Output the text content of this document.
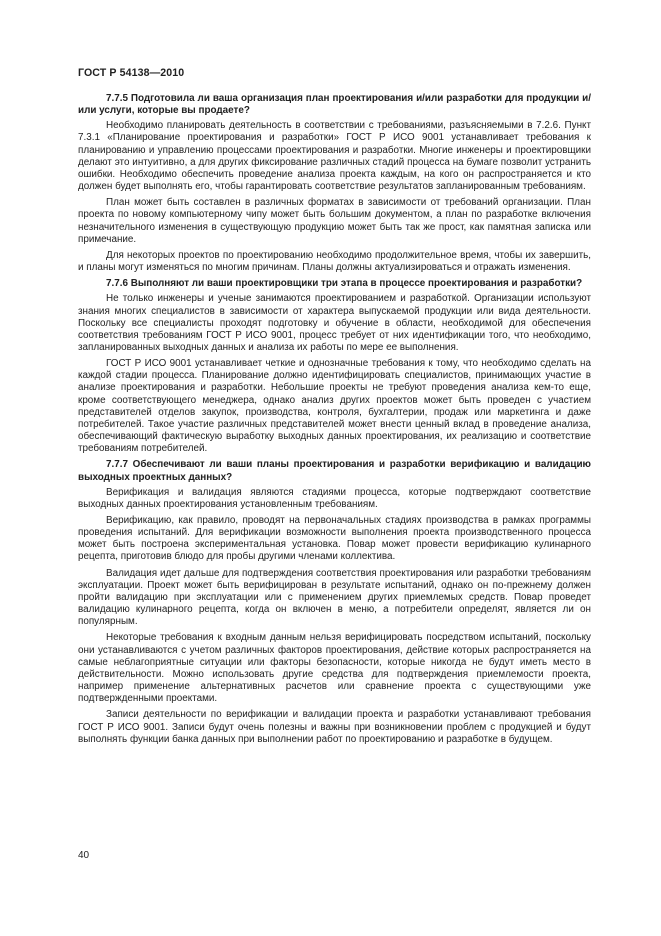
ГОСТ Р 54138—2010

7.7.5 Подготовила ли ваша организация план проектирования и/или разработки для продукции и/или услуги, которые вы продаете?

Необходимо планировать деятельность в соответствии с требованиями, разъясняемыми в 7.2.6. Пункт 7.3.1 «Планирование проектирования и разработки» ГОСТ Р ИСО 9001 устанавливает требования к планированию и управлению процессами проектирования и разработки. Многие инженеры и проектировщики делают это интуитивно, а для других фиксирование различных стадий процесса на бумаге позволит устранить ошибки. Необходимо обеспечить проведение анализа проекта каждым, на кого он распространяется и кто должен будет выполнять его, чтобы гарантировать соответствие результатов запланированным требованиям.

План может быть составлен в различных форматах в зависимости от требований организации. План проекта по новому компьютерному чипу может быть большим документом, а план по разработке включения незначительного изменения в существующую продукцию может быть так же прост, как памятная записка или примечание.

Для некоторых проектов по проектированию необходимо продолжительное время, чтобы их завершить, и планы могут изменяться по многим причинам. Планы должны актуализироваться и отражать изменения.

7.7.6 Выполняют ли ваши проектировщики три этапа в процессе проектирования и разработки?

Не только инженеры и ученые занимаются проектированием и разработкой. Организации используют знания многих специалистов в зависимости от характера выпускаемой продукции или вида деятельности. Поскольку все специалисты проходят подготовку и обучение в области, необходимой для обеспечения соответствия требованиям ГОСТ Р ИСО 9001, процесс требует от них идентификации того, что необходимо, запланированных выходных данных и анализа их работы по мере ее выполнения.

ГОСТ Р ИСО 9001 устанавливает четкие и однозначные требования к тому, что необходимо сделать на каждой стадии процесса. Планирование должно идентифицировать специалистов, принимающих участие в анализе проектирования и разработки. Небольшие проекты не требуют проведения анализа кем-то еще, кроме соответствующего менеджера, однако анализ других проектов может быть проведен с участием представителей отделов закупок, производства, контроля, бухгалтерии, продаж или маркетинга и даже потребителей. Такое участие различных представителей может внести ценный вклад в проведение анализа, обеспечивающий фактическую выработку выходных данных проектирования, их реализацию и соответствие требованиям потребителей.

7.7.7 Обеспечивают ли ваши планы проектирования и разработки верификацию и валидацию выходных проектных данных?

Верификация и валидация являются стадиями процесса, которые подтверждают соответствие выходных данных проектирования установленным требованиям.

Верификацию, как правило, проводят на первоначальных стадиях производства в рамках программы проведения испытаний. Для верификации возможности выполнения проекта производственного процесса может быть построена экспериментальная установка. Повар может провести верификацию кулинарного рецепта, приготовив блюдо для пробы другими членами коллектива.

Валидация идет дальше для подтверждения соответствия проектирования или разработки требованиям эксплуатации. Проект может быть верифицирован в результате испытаний, однако он по-прежнему должен пройти валидацию при эксплуатации или с применением других приемлемых средств. Повар проведет валидацию кулинарного рецепта, когда он включен в меню, а потребители определят, является ли он популярным.

Некоторые требования к входным данным нельзя верифицировать посредством испытаний, поскольку они устанавливаются с учетом различных факторов проектирования, действие которых распространяется на самые неблагоприятные ситуации или факторы безопасности, которые никогда не будут иметь место в действительности. Можно использовать другие средства для подтверждения приемлемости проекта, например применение альтернативных расчетов или сравнение проекта с существующими уже подтвержденными проектами.

Записи деятельности по верификации и валидации проекта и разработки устанавливают требования ГОСТ Р ИСО 9001. Записи будут очень полезны и важны при возникновении проблем с продукцией и будут выполнять функции банка данных при выполнении работ по проектированию и разработке в будущем.

40
